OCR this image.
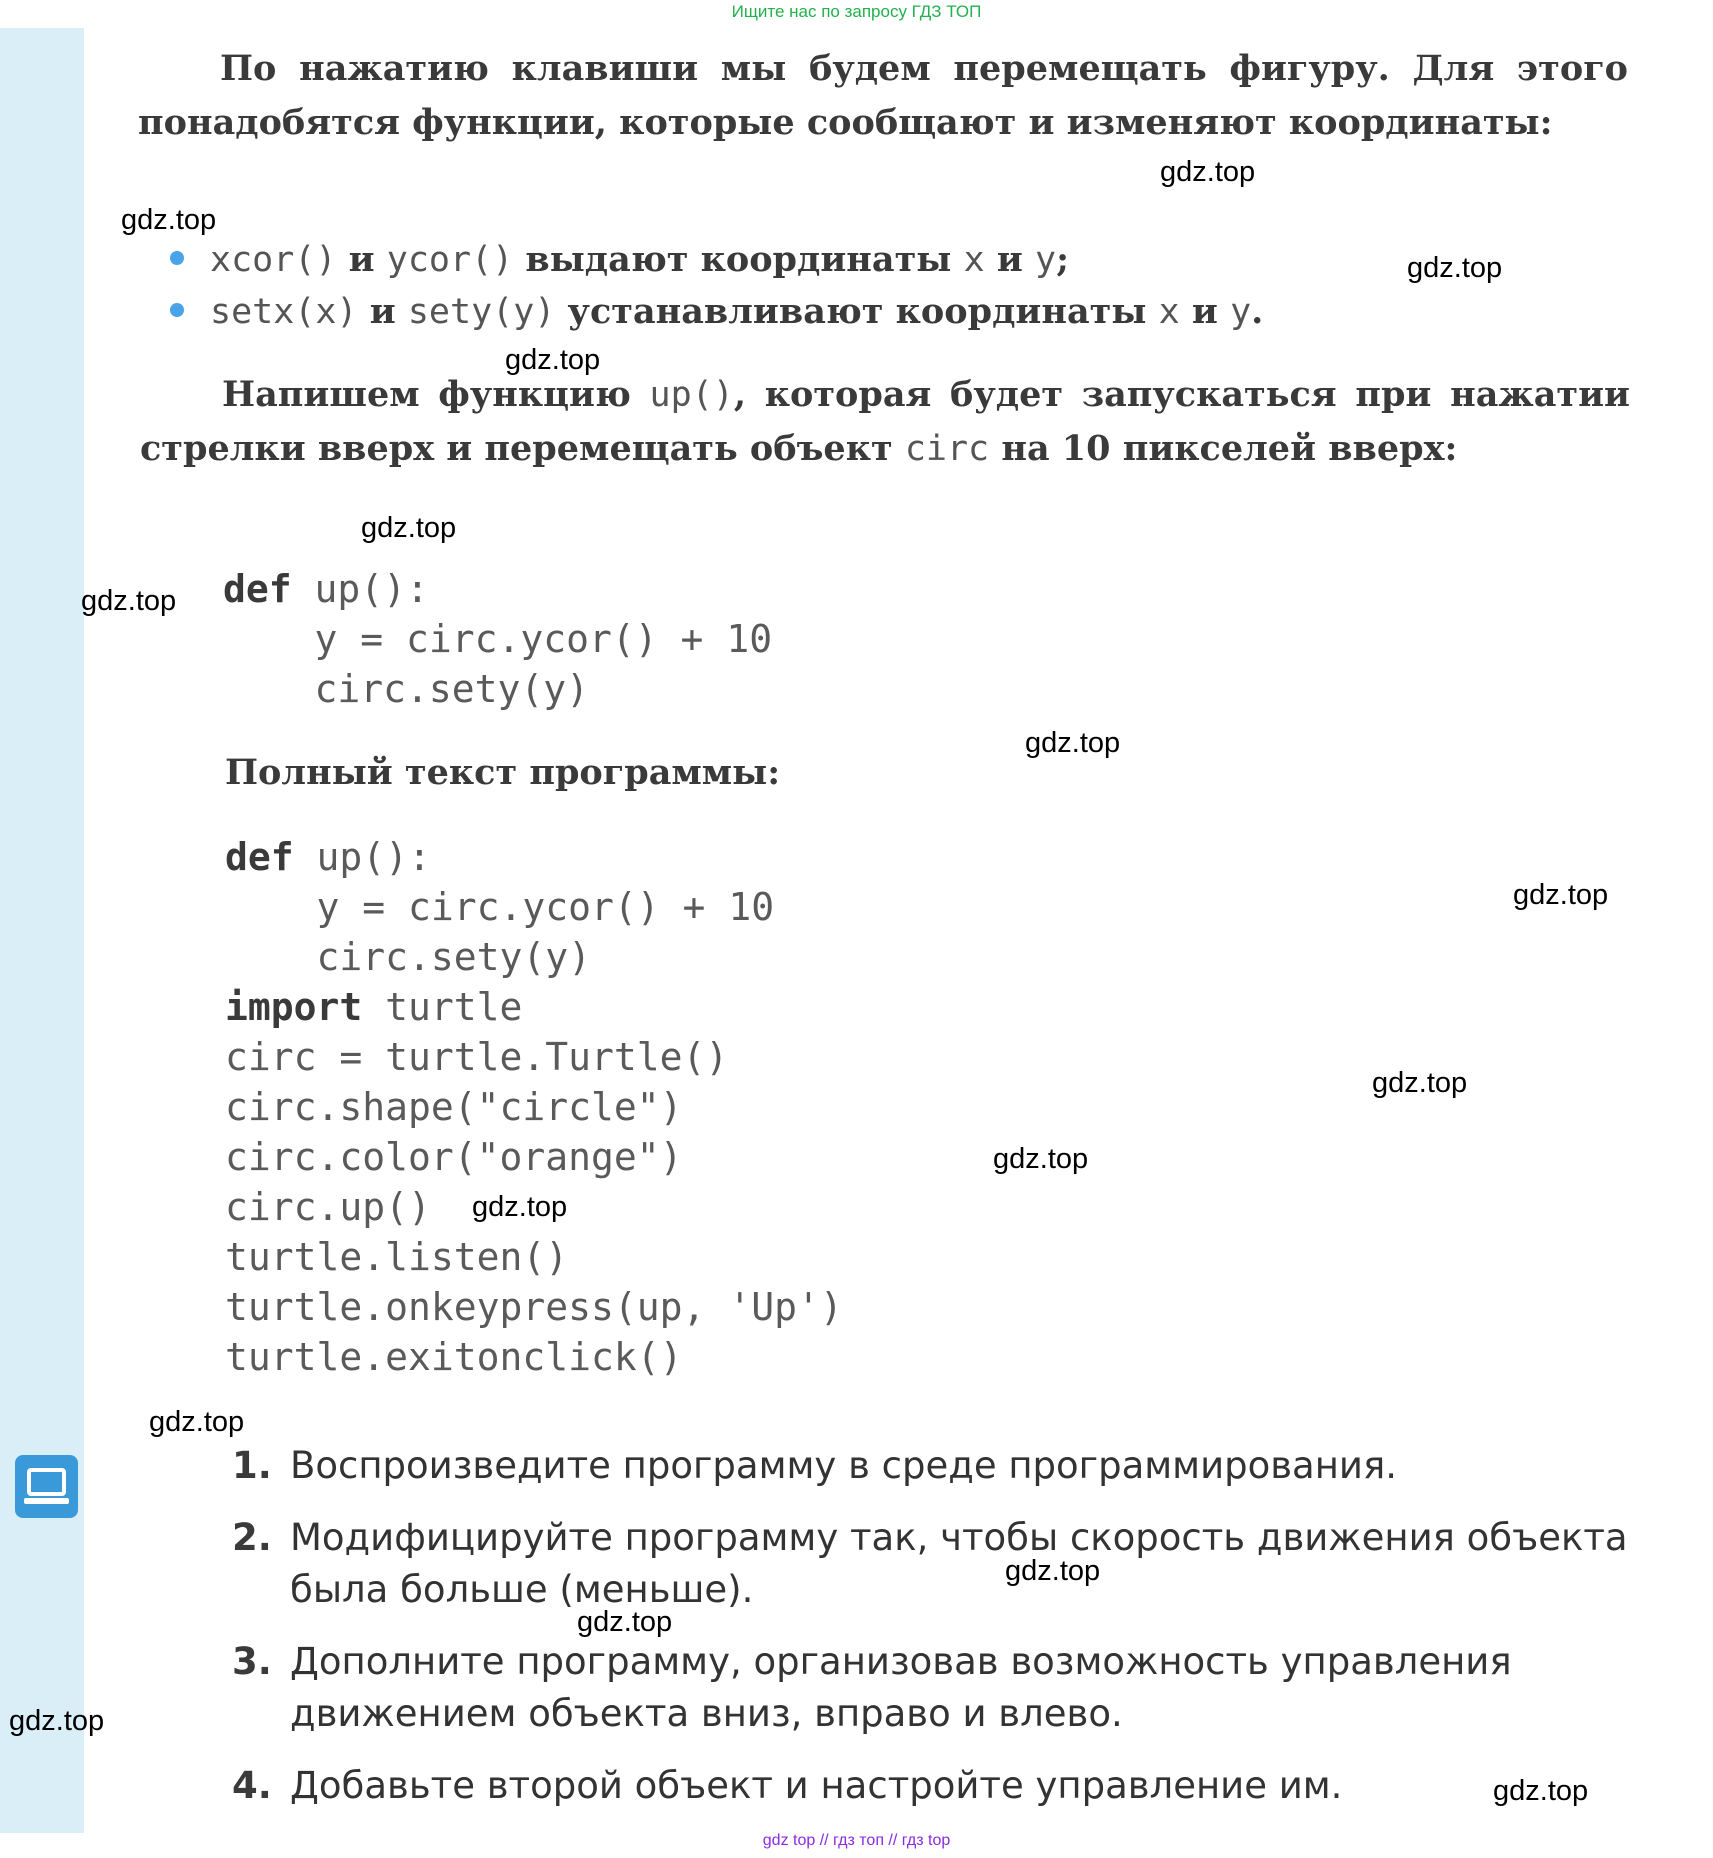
Ищите нас по запросу ГДЗ ТОП
По нажатию клавиши мы будем перемещать фигуру. Для этого понадобятся функции, которые сообщают и изменяют координаты:
xcor() и ycor() выдают координаты x и y;
setx(x) и sety(y) устанавливают координаты x и y.
Напишем функцию up(), которая будет запускаться при нажатии стрелки вверх и перемещать объект circ на 10 пикселей вверх:
def up():
y = circ.ycor() + 10
circ.sety(y)
Полный текст программы:
def up():
y = circ.ycor() + 10
circ.sety(y)
import turtle
circ = turtle.Turtle()
circ.shape("circle")
circ.color("orange")
circ.up()
turtle.listen()
turtle.onkeypress(up, 'Up')
turtle.exitonclick()
1. Воспроизведите программу в среде программирования.
2. Модифицируйте программу так, чтобы скорость движения объекта была больше (меньше).
3. Дополните программу, организовав возможность управления движением объекта вниз, вправо и влево.
4. Добавьте второй объект и настройте управление им.
gdz.top
gdz.top
gdz.top
gdz.top
gdz.top
gdz.top
gdz.top
gdz.top
gdz.top
gdz.top
gdz.top
gdz.top
gdz.top
gdz.top
gdz.top
gdz.top
gdz top // гдз топ // гдз top
